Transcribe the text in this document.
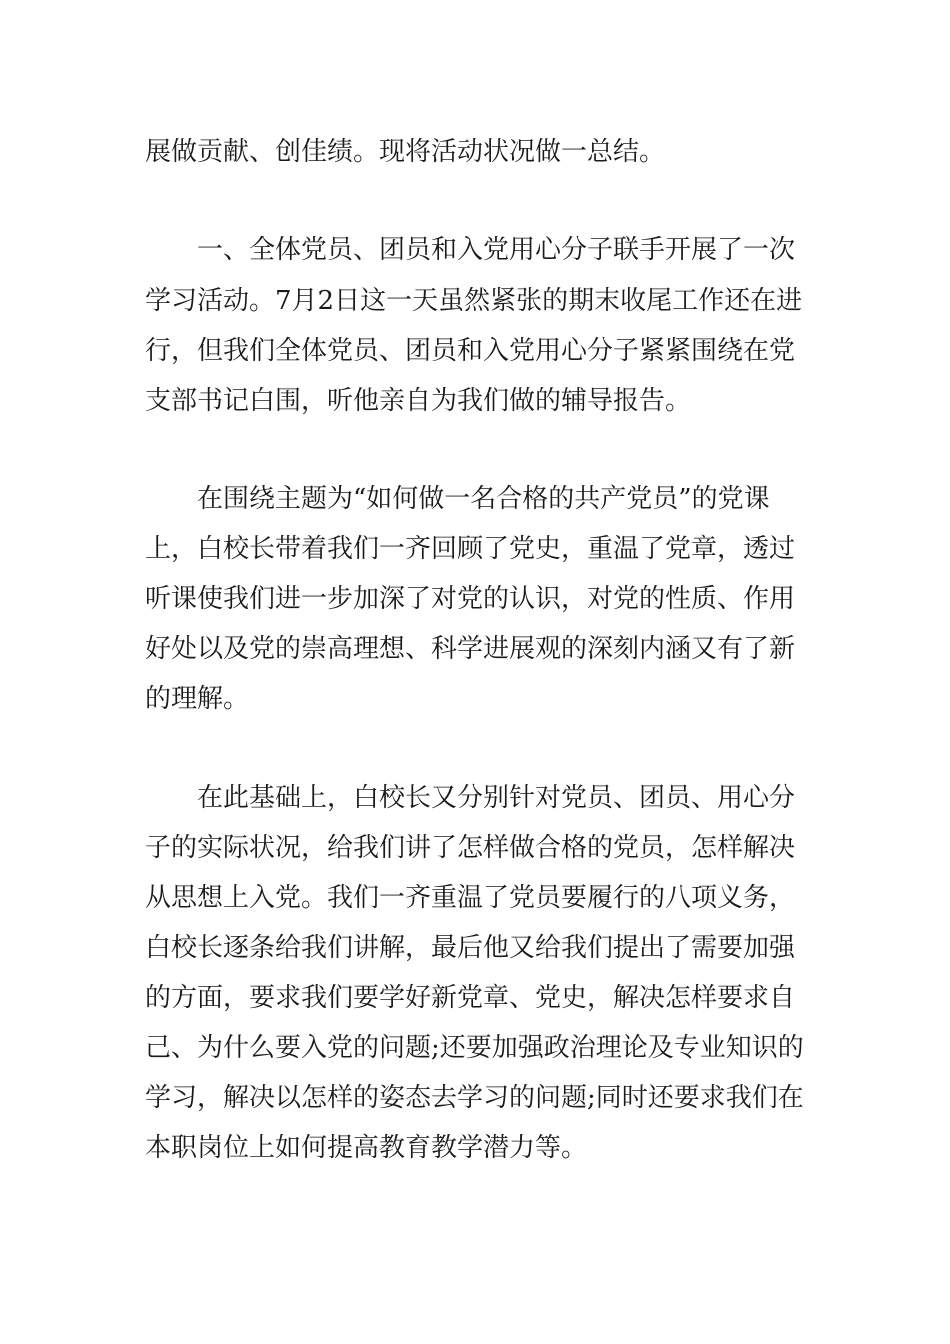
展做贡献、创佳绩。现将活动状况做一总结。

一、全体党员、团员和入党用心分子联手开展了一次

学习活动。7月2日这一天虽然紧张的期末收尾工作还在进

行，但我们全体党员、团员和入党用心分子紧紧围绕在党

支部书记白围，听他亲自为我们做的辅导报告。

在围绕主题为“如何做一名合格的共产党员”的党课

上，白校长带着我们一齐回顾了党史，重温了党章，透过

听课使我们进一步加深了对党的认识，对党的性质、作用

好处以及党的崇高理想、科学进展观的深刻内涵又有了新

的理解。

在此基础上，白校长又分别针对党员、团员、用心分

子的实际状况，给我们讲了怎样做合格的党员，怎样解决

从思想上入党。我们一齐重温了党员要履行的八项义务，

白校长逐条给我们讲解，最后他又给我们提出了需要加强

的方面，要求我们要学好新党章、党史，解决怎样要求自

己、为什么要入党的问题;还要加强政治理论及专业知识的

学习，解决以怎样的姿态去学习的问题;同时还要求我们在

本职岗位上如何提高教育教学潜力等。
